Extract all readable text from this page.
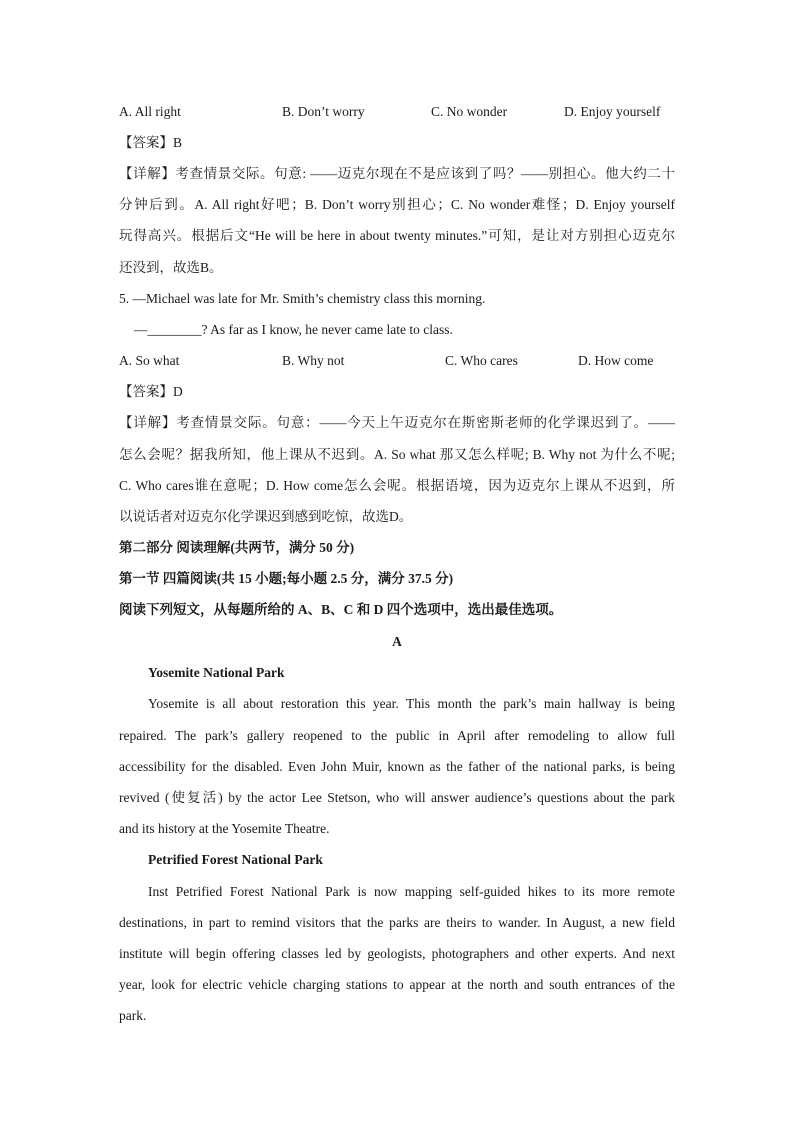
A. All right	B. Don’t worry	C. No wonder	D. Enjoy yourself
【答案】B
【详解】考查情景交际。句意: ——迈克尔现在不是应该到了吗？——别担心。他大约二十
分钟后到。A. All right好吧；B. Don’t worry别担心；C. No wonder难怪；D. Enjoy yourself
玩得高兴。根据后文“He will be here in about twenty minutes.”可知，是让对方别担心迈克尔
还没到，故选B。
5. —Michael was late for Mr. Smith’s chemistry class this morning.
—________? As far as I know, he never came late to class.
A. So what	B. Why not	C. Who cares	D. How come
【答案】D
【详解】考查情景交际。句意：——今天上午迈克尔在斯密斯老师的化学课迟到了。——
怎么会呢？据我所知，他上课从不迟到。A. So what 那又怎么样呢; B. Why not 为什么不呢;
C. Who cares谁在意呢；D. How come怎么会呢。根据语境，因为迈克尔上课从不迟到，所
以说话者对迈克尔化学课迟到感到吃惊，故选D。
第二部分 阅读理解(共两节，满分 50 分)
第一节 四篇阅读(共 15 小题;每小题 2.5 分，满分 37.5 分)
阅读下列短文，从每题所给的 A、B、C 和 D 四个选项中，选出最佳选项。
A
Yosemite National Park
Yosemite is all about restoration this year. This month the park’s main hallway is being
repaired. The park’s gallery reopened to the public in April after remodeling to allow full
accessibility for the disabled. Even John Muir, known as the father of the national parks, is being
revived (使复活) by the actor Lee Stetson, who will answer audience’s questions about the park
and its history at the Yosemite Theatre.
Petrified Forest National Park
Inst Petrified Forest National Park is now mapping self-guided hikes to its more remote
destinations, in part to remind visitors that the parks are theirs to wander. In August, a new field
institute will begin offering classes led by geologists, photographers and other experts. And next
year, look for electric vehicle charging stations to appear at the north and south entrances of the
park.
